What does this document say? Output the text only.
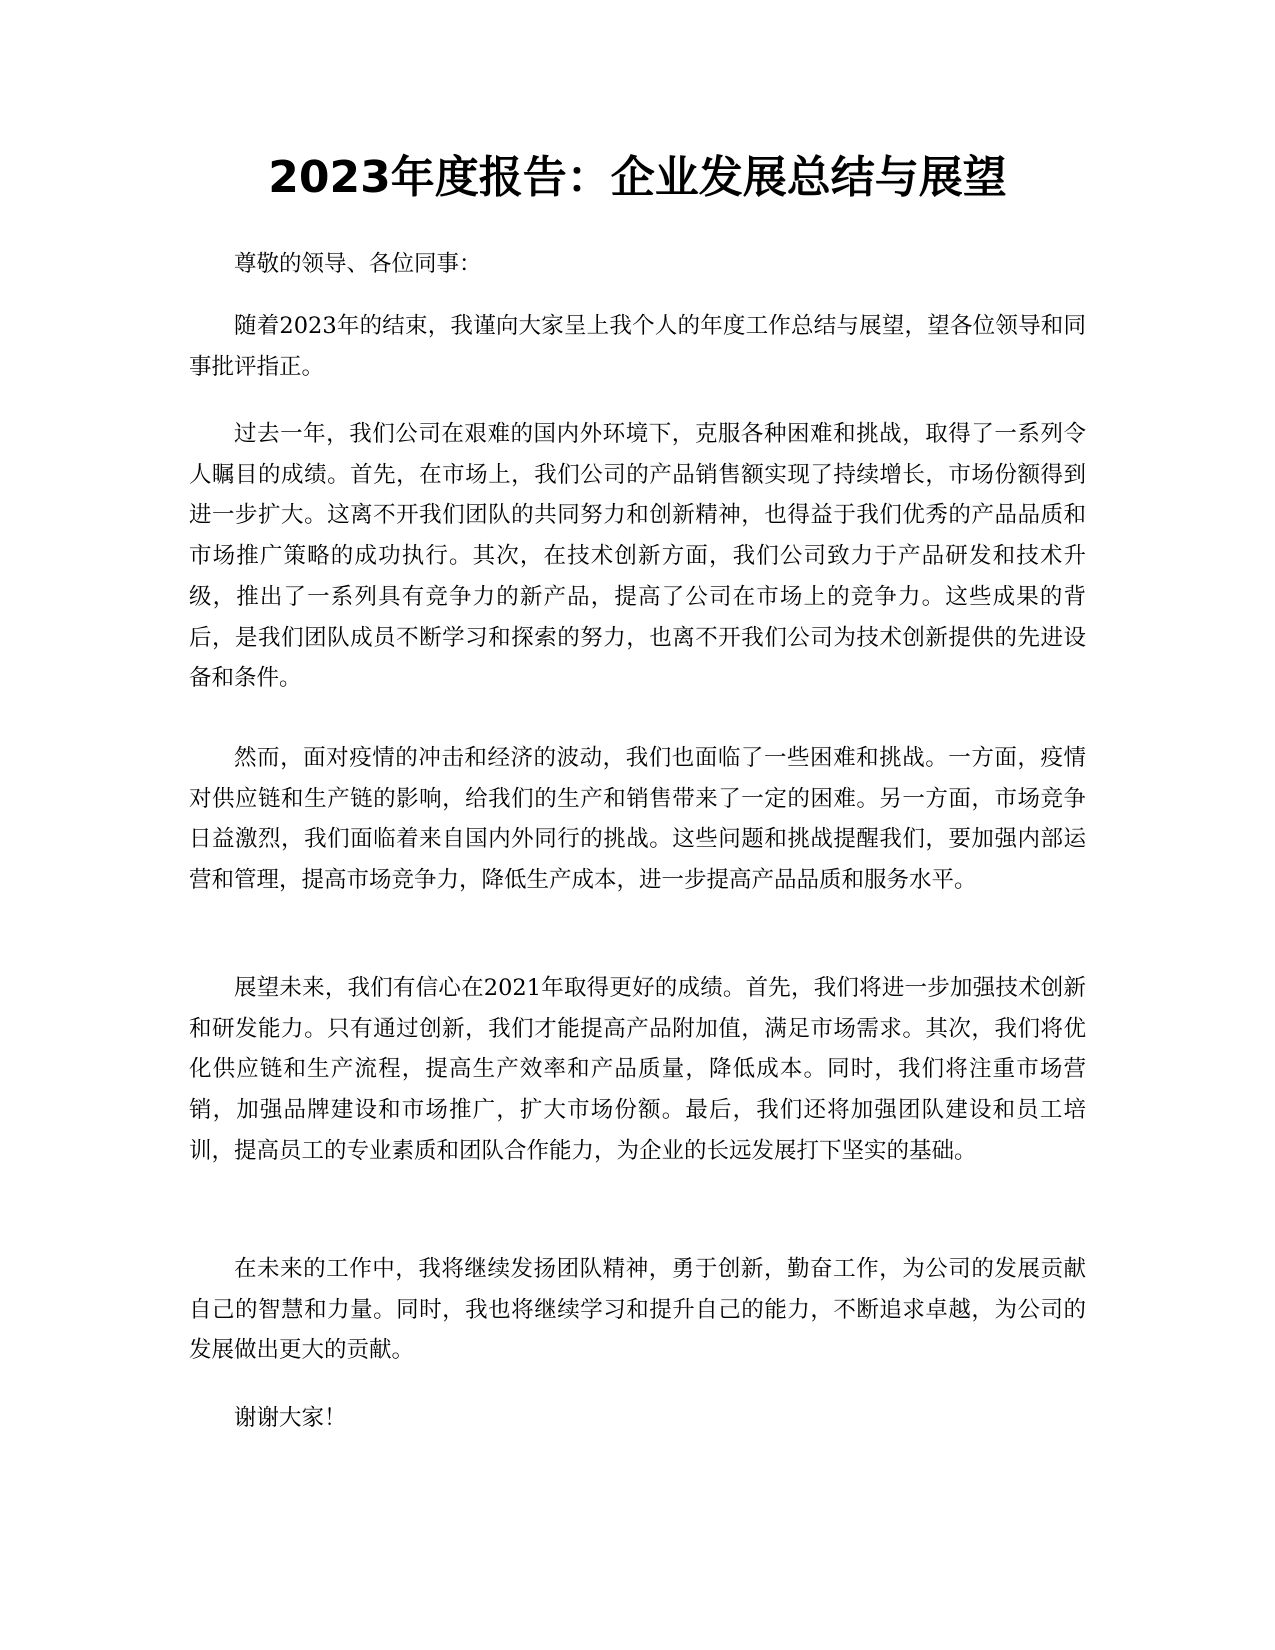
2023年度报告：企业发展总结与展望

尊敬的领导、各位同事：

随着2023年的结束，我谨向大家呈上我个人的年度工作总结与展望，望各位领导和同事批评指正。

过去一年，我们公司在艰难的国内外环境下，克服各种困难和挑战，取得了一系列令人瞩目的成绩。首先，在市场上，我们公司的产品销售额实现了持续增长，市场份额得到进一步扩大。这离不开我们团队的共同努力和创新精神，也得益于我们优秀的产品品质和市场推广策略的成功执行。其次，在技术创新方面，我们公司致力于产品研发和技术升级，推出了一系列具有竞争力的新产品，提高了公司在市场上的竞争力。这些成果的背后，是我们团队成员不断学习和探索的努力，也离不开我们公司为技术创新提供的先进设备和条件。

然而，面对疫情的冲击和经济的波动，我们也面临了一些困难和挑战。一方面，疫情对供应链和生产链的影响，给我们的生产和销售带来了一定的困难。另一方面，市场竞争日益激烈，我们面临着来自国内外同行的挑战。这些问题和挑战提醒我们，要加强内部运营和管理，提高市场竞争力，降低生产成本，进一步提高产品品质和服务水平。

展望未来，我们有信心在2021年取得更好的成绩。首先，我们将进一步加强技术创新和研发能力。只有通过创新，我们才能提高产品附加值，满足市场需求。其次，我们将优化供应链和生产流程，提高生产效率和产品质量，降低成本。同时，我们将注重市场营销，加强品牌建设和市场推广，扩大市场份额。最后，我们还将加强团队建设和员工培训，提高员工的专业素质和团队合作能力，为企业的长远发展打下坚实的基础。

在未来的工作中，我将继续发扬团队精神，勇于创新，勤奋工作，为公司的发展贡献自己的智慧和力量。同时，我也将继续学习和提升自己的能力，不断追求卓越，为公司的发展做出更大的贡献。

谢谢大家！
